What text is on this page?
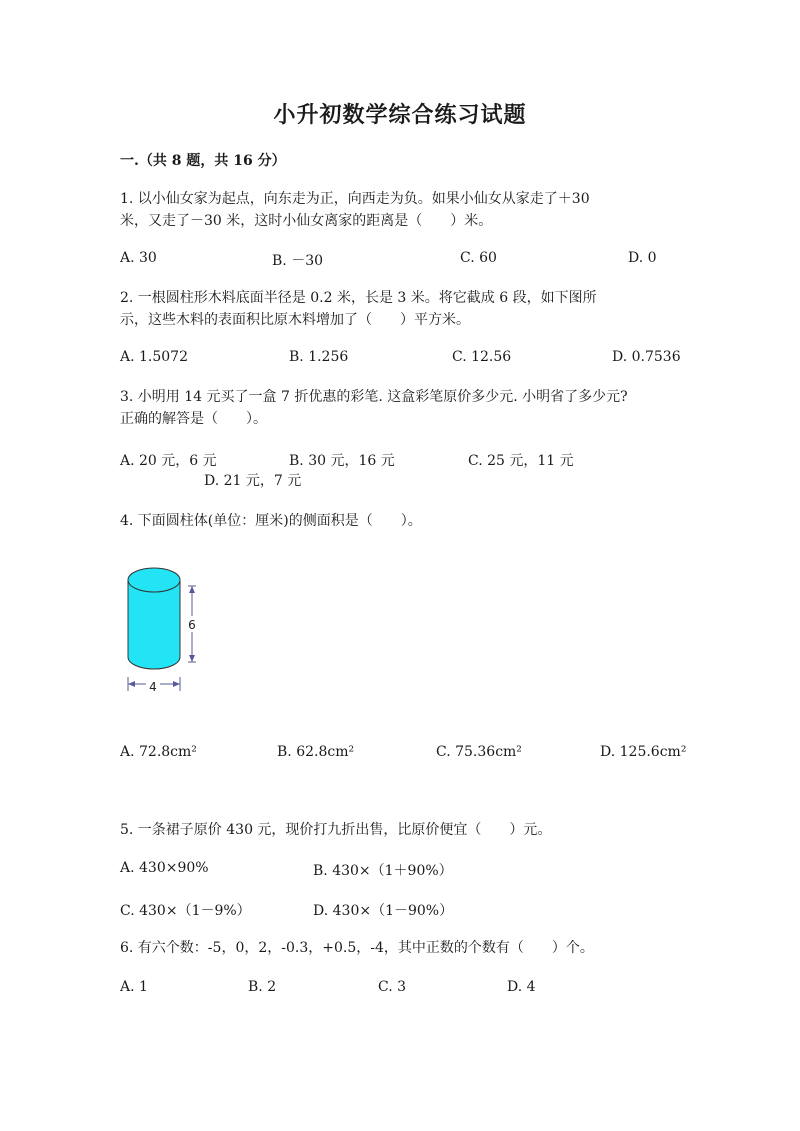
小升初数学综合练习试题
一.（共 8 题，共 16 分）
1. 以小仙女家为起点，向东走为正，向西走为负。如果小仙女从家走了＋30
米，又走了－30 米，这时小仙女离家的距离是（　　）米。
A. 30	B. －30	C. 60	D. 0
2. 一根圆柱形木料底面半径是 0.2 米，长是 3 米。将它截成 6 段，如下图所
示，这些木料的表面积比原木料增加了（　　）平方米。
A. 1.5072	B. 1.256	C. 12.56	D. 0.7536
3. 小明用 14 元买了一盒 7 折优惠的彩笔. 这盒彩笔原价多少元. 小明省了多少元?
正确的解答是（　　）。
A. 20 元，6 元	B. 30 元，16 元	C. 25 元，11 元
D. 21 元，7 元
4. 下面圆柱体(单位：厘米)的侧面积是（　　）。
6
4
A. 72.8cm²	B. 62.8cm²	C. 75.36cm²	D. 125.6cm²
5. 一条裙子原价 430 元，现价打九折出售，比原价便宜（　　）元。
A. 430×90%	B. 430×（1＋90%）
C. 430×（1－9%）	D. 430×（1－90%）
6. 有六个数：-5，0，2，-0.3，+0.5，-4，其中正数的个数有（　　）个。
A. 1	B. 2	C. 3	D. 4
